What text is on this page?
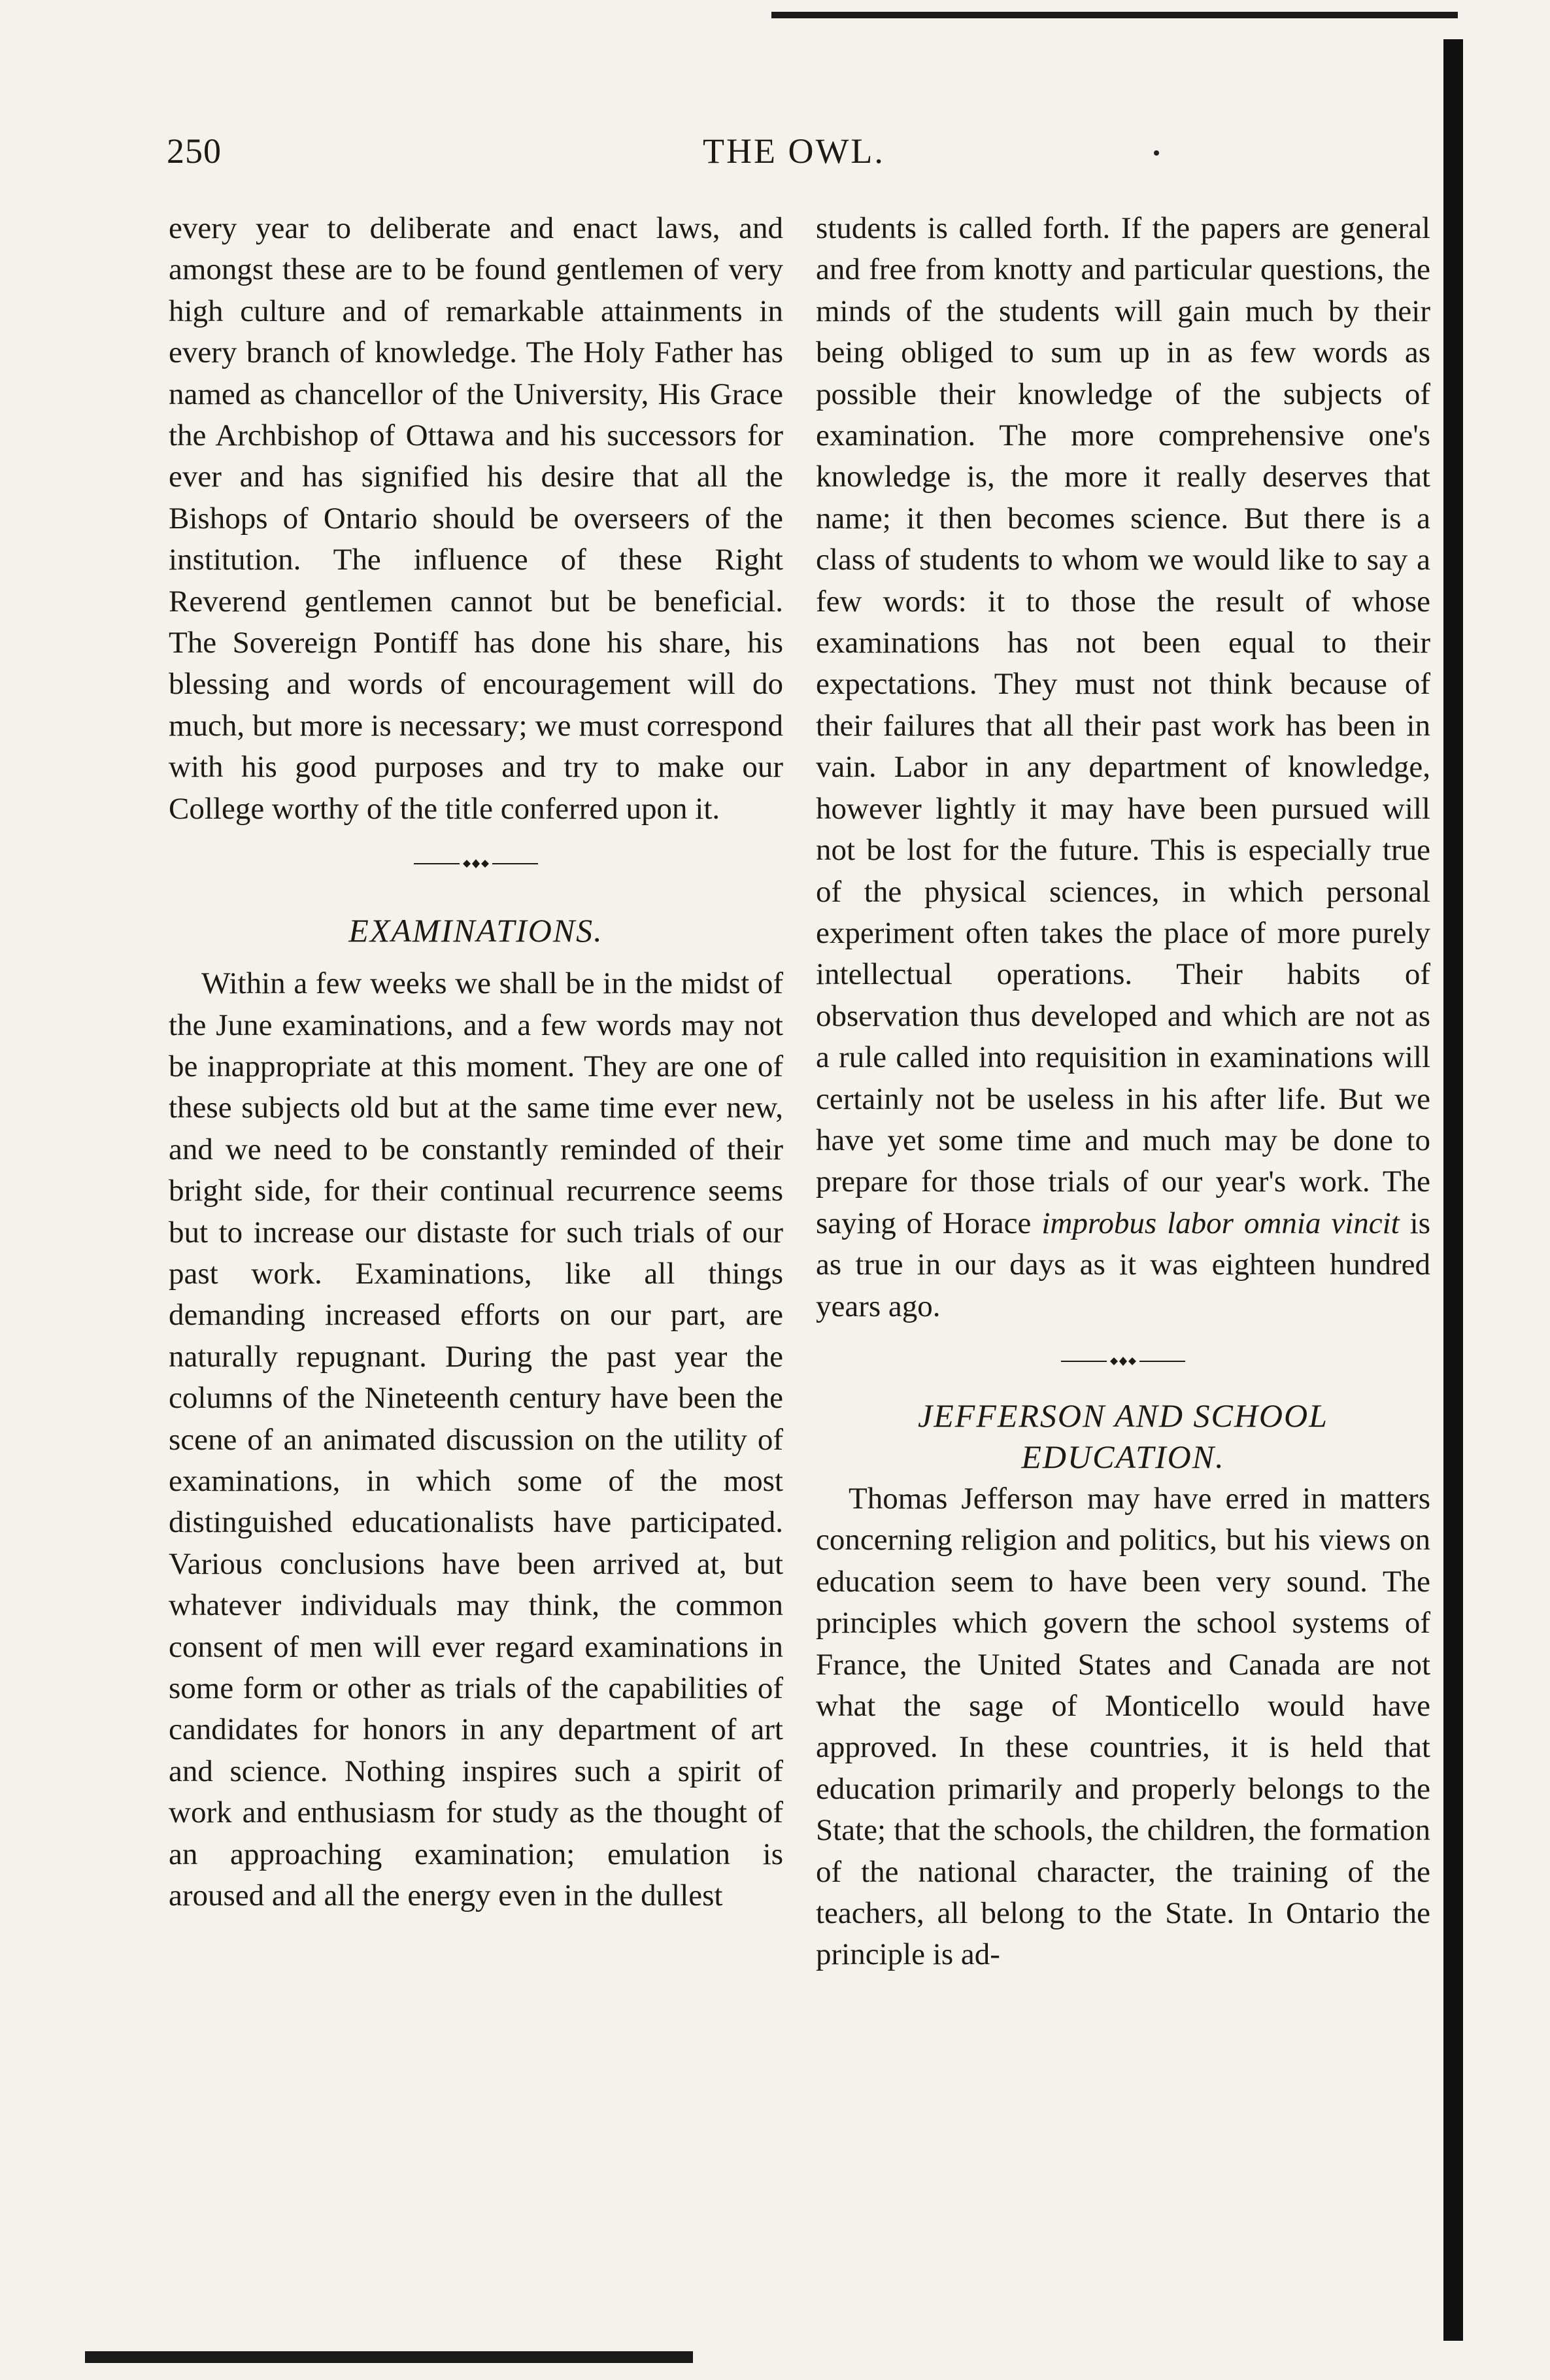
250	THE OWL.

every year to deliberate and enact laws, and amongst these are to be found gentlemen of very high culture and of remarkable attainments in every branch of knowledge. The Holy Father has named as chancellor of the University, His Grace the Archbishop of Ottawa and his successors for ever and has signified his desire that all the Bishops of Ontario should be overseers of the institution. The influence of these Right Reverend gentlemen cannot but be beneficial. The Sovereign Pontiff has done his share, his blessing and words of encouragement will do much, but more is necessary; we must correspond with his good purposes and try to make our College worthy of the title conferred upon it.

EXAMINATIONS.

Within a few weeks we shall be in the midst of the June examinations, and a few words may not be inappropriate at this moment. They are one of these subjects old but at the same time ever new, and we need to be constantly reminded of their bright side, for their continual recurrence seems but to increase our distaste for such trials of our past work. Examinations, like all things demanding increased efforts on our part, are naturally repugnant. During the past year the columns of the Nineteenth century have been the scene of an animated discussion on the utility of examinations, in which some of the most distinguished educationalists have participated. Various conclusions have been arrived at, but whatever individuals may think, the common consent of men will ever regard examinations in some form or other as trials of the capabilities of candidates for honors in any department of art and science. Nothing inspires such a spirit of work and enthusiasm for study as the thought of an approaching examination; emulation is aroused and all the energy even in the dullest

students is called forth. If the papers are general and free from knotty and particular questions, the minds of the students will gain much by their being obliged to sum up in as few words as possible their knowledge of the subjects of examination. The more comprehensive one's knowledge is, the more it really deserves that name; it then becomes science. But there is a class of students to whom we would like to say a few words: it to those the result of whose examinations has not been equal to their expectations. They must not think because of their failures that all their past work has been in vain. Labor in any department of knowledge, however lightly it may have been pursued will not be lost for the future. This is especially true of the physical sciences, in which personal experiment often takes the place of more purely intellectual operations. Their habits of observation thus developed and which are not as a rule called into requisition in examinations will certainly not be useless in his after life. But we have yet some time and much may be done to prepare for those trials of our year's work. The saying of Horace improbus labor omnia vincit is as true in our days as it was eighteen hundred years ago.

JEFFERSON AND SCHOOL
EDUCATION.

Thomas Jefferson may have erred in matters concerning religion and politics, but his views on education seem to have been very sound. The principles which govern the school systems of France, the United States and Canada are not what the sage of Monticello would have approved. In these countries, it is held that education primarily and properly belongs to the State; that the schools, the children, the formation of the national character, the training of the teachers, all belong to the State. In Ontario the principle is ad-
